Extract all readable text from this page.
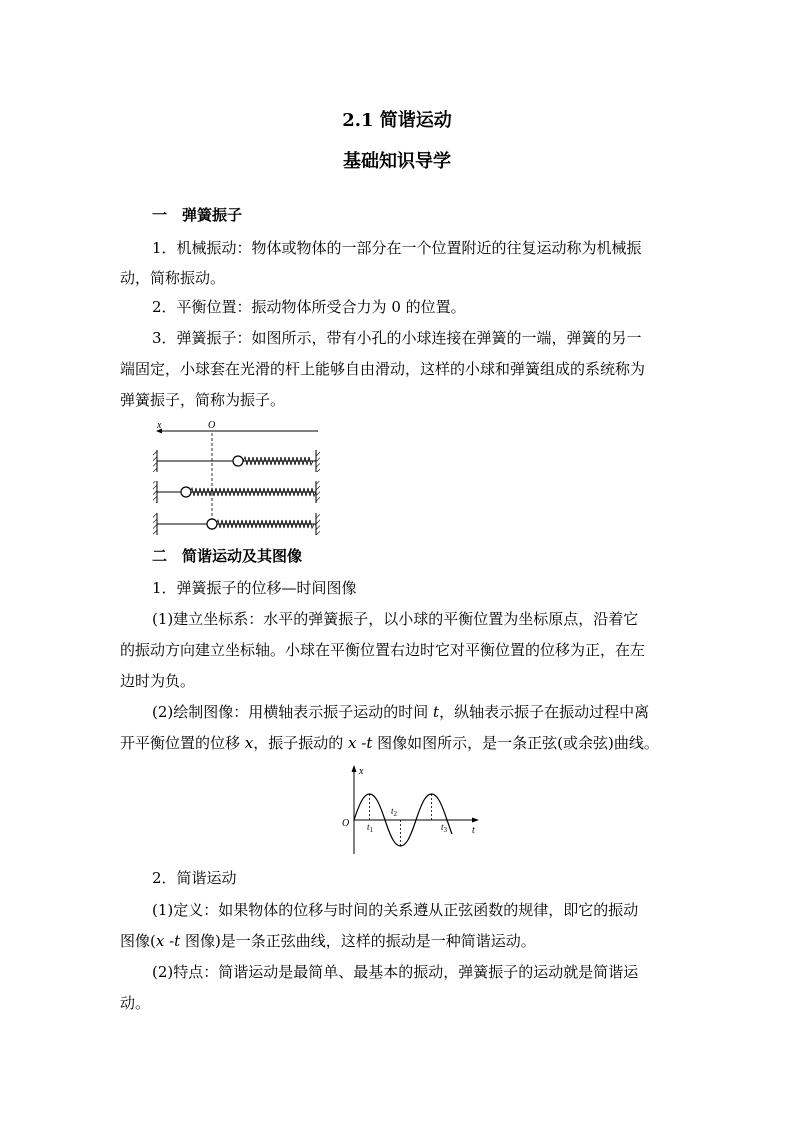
2.1 简谐运动
基础知识导学
一　弹簧振子
1．机械振动：物体或物体的一部分在一个位置附近的往复运动称为机械振
动，简称振动。
2．平衡位置：振动物体所受合力为 0 的位置。
3．弹簧振子：如图所示，带有小孔的小球连接在弹簧的一端，弹簧的另一
端固定，小球套在光滑的杆上能够自由滑动，这样的小球和弹簧组成的系统称为
弹簧振子，简称为振子。
x	O
二　简谐运动及其图像
1．弹簧振子的位移—时间图像
(1)建立坐标系：水平的弹簧振子，以小球的平衡位置为坐标原点，沿着它
的振动方向建立坐标轴。小球在平衡位置右边时它对平衡位置的位移为正，在左
边时为负。
(2)绘制图像：用横轴表示振子运动的时间 t，纵轴表示振子在振动过程中离
开平衡位置的位移 x，振子振动的 x -t 图像如图所示，是一条正弦(或余弦)曲线。
x
t
O $t_1$
$t_2$
$t_3$
2．简谐运动
(1)定义：如果物体的位移与时间的关系遵从正弦函数的规律，即它的振动
图像(x -t 图像)是一条正弦曲线，这样的振动是一种简谐运动。
(2)特点：简谐运动是最简单、最基本的振动，弹簧振子的运动就是简谐运
动。
